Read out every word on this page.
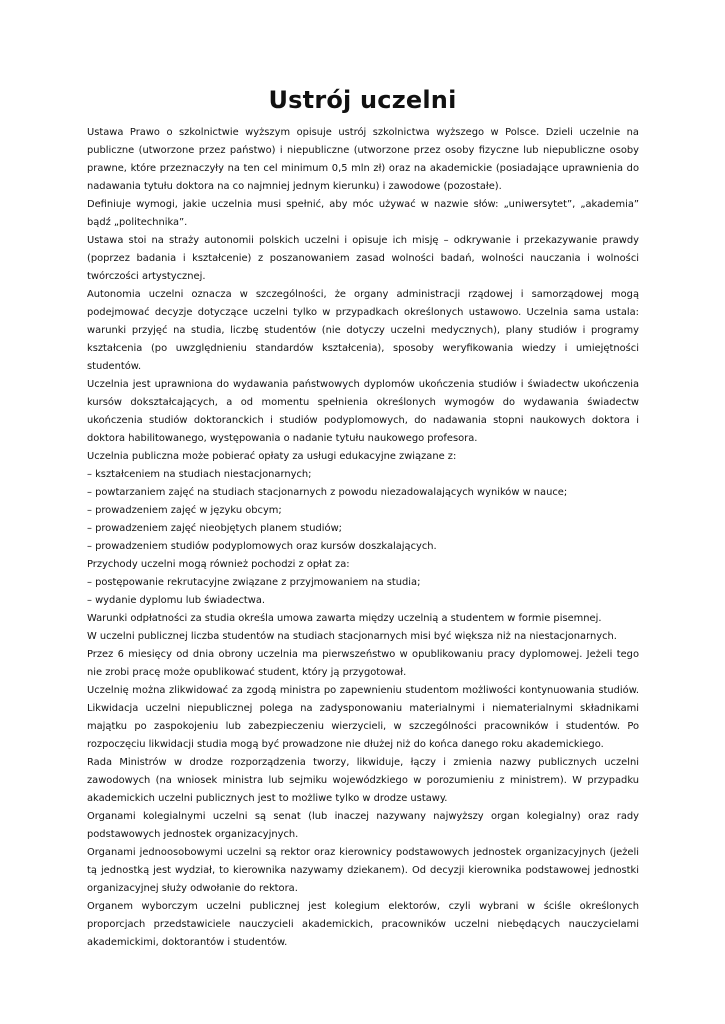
Ustrój uczelni

Ustawa Prawo o szkolnictwie wyższym opisuje ustrój szkolnictwa wyższego w Polsce. Dzieli uczelnie na publiczne (utworzone przez państwo) i niepubliczne (utworzone przez osoby fizyczne lub niepubliczne osoby prawne, które przeznaczyły na ten cel minimum 0,5 mln zł) oraz na akademickie (posiadające uprawnienia do nadawania tytułu doktora na co najmniej jednym kierunku) i zawodowe (pozostałe).

Definiuje wymogi, jakie uczelnia musi spełnić, aby móc używać w nazwie słów: „uniwersytet”, „akademia” bądź „politechnika”.

Ustawa stoi na straży autonomii polskich uczelni i opisuje ich misję – odkrywanie i przekazywanie prawdy (poprzez badania i kształcenie) z poszanowaniem zasad wolności badań, wolności nauczania i wolności twórczości artystycznej.

Autonomia uczelni oznacza w szczególności, że organy administracji rządowej i samorządowej mogą podejmować decyzje dotyczące uczelni tylko w przypadkach określonych ustawowo. Uczelnia sama ustala: warunki przyjęć na studia, liczbę studentów (nie dotyczy uczelni medycznych), plany studiów i programy kształcenia (po uwzględnieniu standardów kształcenia), sposoby weryfikowania wiedzy i umiejętności studentów.

Uczelnia jest uprawniona do wydawania państwowych dyplomów ukończenia studiów i świadectw ukończenia kursów dokształcających, a od momentu spełnienia określonych wymogów do wydawania świadectw ukończenia studiów doktoranckich i studiów podyplomowych, do nadawania stopni naukowych doktora i doktora habilitowanego, występowania o nadanie tytułu naukowego profesora.

Uczelnia publiczna może pobierać opłaty za usługi edukacyjne związane z:

– kształceniem na studiach niestacjonarnych;

– powtarzaniem zajęć na studiach stacjonarnych z powodu niezadowalających wyników w nauce;

– prowadzeniem zajęć w języku obcym;

– prowadzeniem zajęć nieobjętych planem studiów;

– prowadzeniem studiów podyplomowych oraz kursów doszkalających.

Przychody uczelni mogą również pochodzi z opłat za:

– postępowanie rekrutacyjne związane z przyjmowaniem na studia;

– wydanie dyplomu lub świadectwa.

Warunki odpłatności za studia określa umowa zawarta między uczelnią a studentem w formie pisemnej.

W uczelni publicznej liczba studentów na studiach stacjonarnych misi być większa niż na niestacjonarnych.

Przez 6 miesięcy od dnia obrony uczelnia ma pierwszeństwo w opublikowaniu pracy dyplomowej. Jeżeli tego nie zrobi pracę może opublikować student, który ją przygotował.

Uczelnię można zlikwidować za zgodą ministra po zapewnieniu studentom możliwości kontynuowania studiów. Likwidacja uczelni niepublicznej polega na zadysponowaniu materialnymi i niematerialnymi składnikami majątku po zaspokojeniu lub zabezpieczeniu wierzycieli, w szczególności pracowników i studentów. Po rozpoczęciu likwidacji studia mogą być prowadzone nie dłużej niż do końca danego roku akademickiego.

Rada Ministrów w drodze rozporządzenia tworzy, likwiduje, łączy i zmienia nazwy publicznych uczelni zawodowych (na wniosek ministra lub sejmiku wojewódzkiego w porozumieniu z ministrem). W przypadku akademickich uczelni publicznych jest to możliwe tylko w drodze ustawy.

Organami kolegialnymi uczelni są senat (lub inaczej nazywany najwyższy organ kolegialny) oraz rady podstawowych jednostek organizacyjnych.

Organami jednoosobowymi uczelni są rektor oraz kierownicy podstawowych jednostek organizacyjnych (jeżeli tą jednostką jest wydział, to kierownika nazywamy dziekanem). Od decyzji kierownika podstawowej jednostki organizacyjnej służy odwołanie do rektora.

Organem wyborczym uczelni publicznej jest kolegium elektorów, czyli wybrani w ściśle określonych proporcjach przedstawiciele nauczycieli akademickich, pracowników uczelni niebędących nauczycielami akademickimi, doktorantów i studentów.
